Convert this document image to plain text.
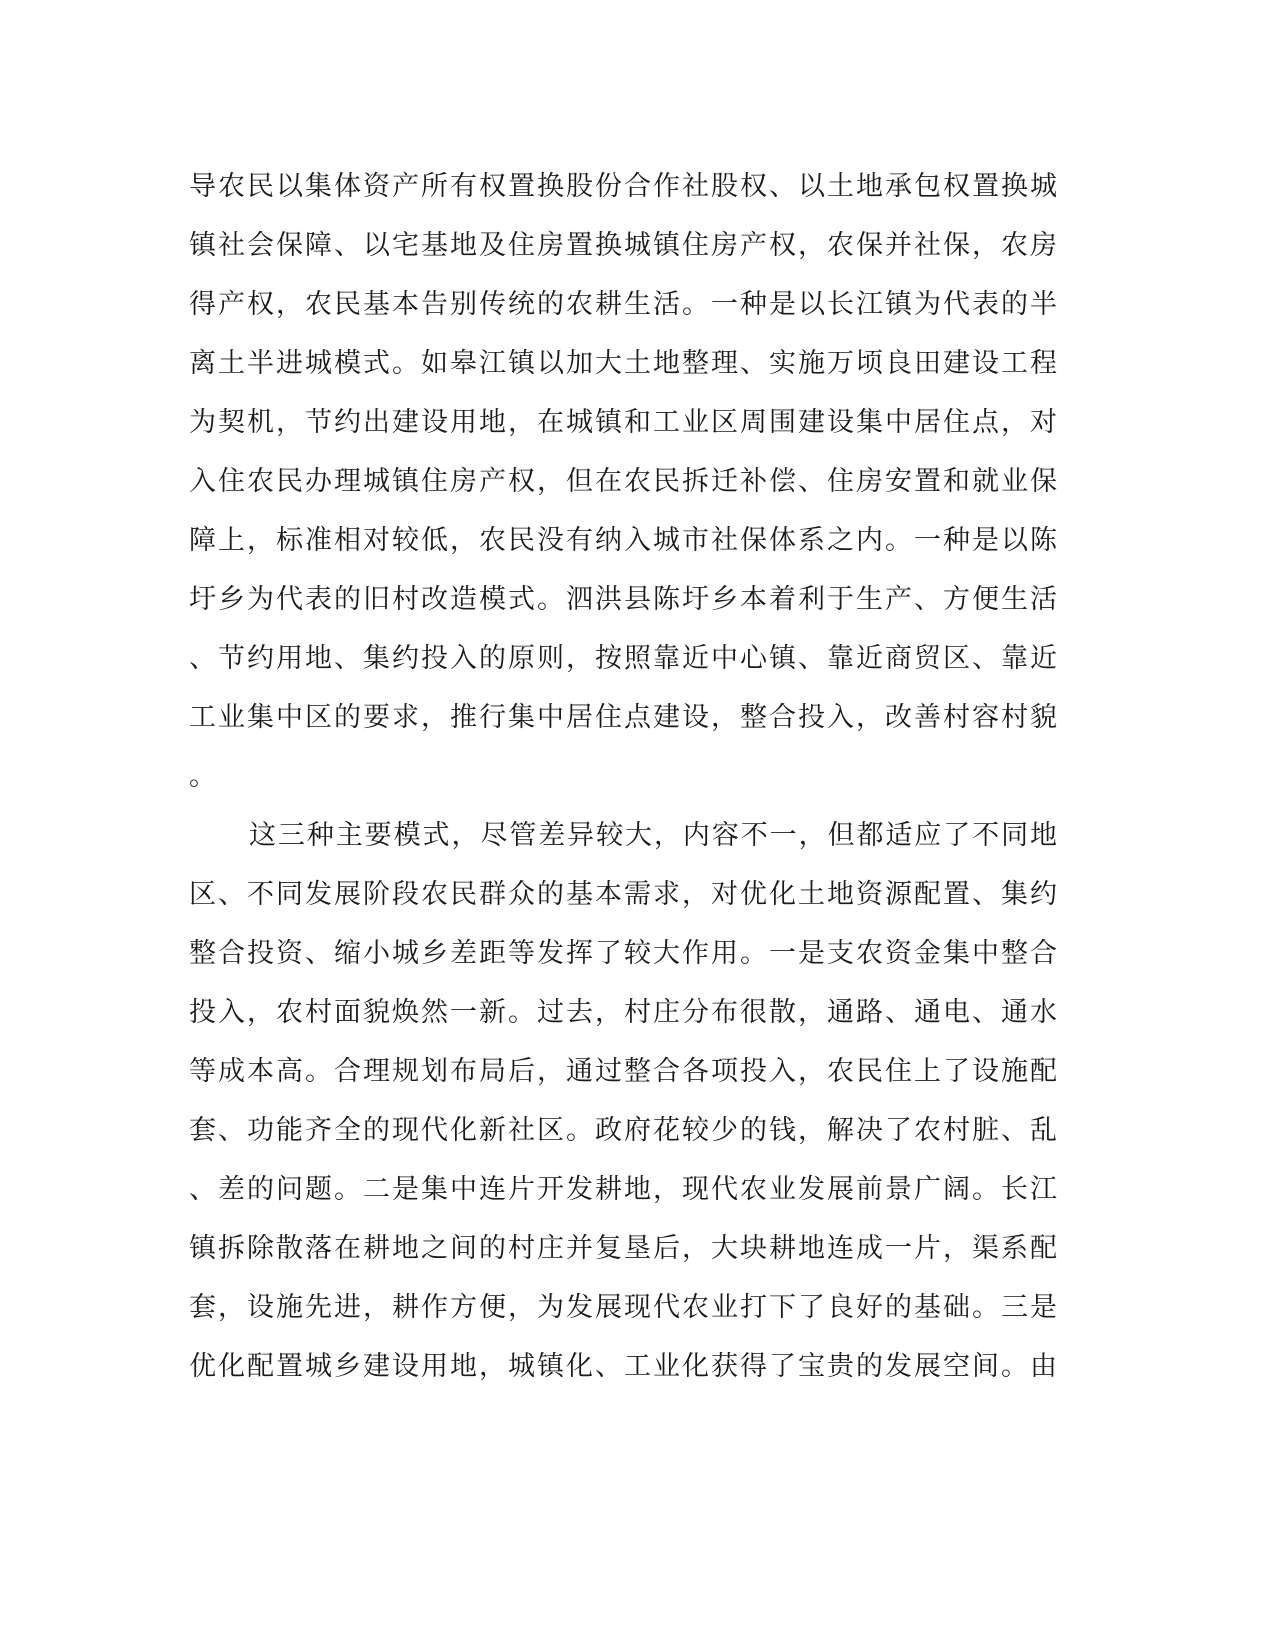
导农民以集体资产所有权置换股份合作社股权、以土地承包权置换城

镇社会保障、以宅基地及住房置换城镇住房产权，农保并社保，农房

得产权，农民基本告别传统的农耕生活。一种是以长江镇为代表的半

离土半进城模式。如皋江镇以加大土地整理、实施万顷良田建设工程

为契机，节约出建设用地，在城镇和工业区周围建设集中居住点，对

入住农民办理城镇住房产权，但在农民拆迁补偿、住房安置和就业保

障上，标准相对较低，农民没有纳入城市社保体系之内。一种是以陈

圩乡为代表的旧村改造模式。泗洪县陈圩乡本着利于生产、方便生活

、节约用地、集约投入的原则，按照靠近中心镇、靠近商贸区、靠近

工业集中区的要求，推行集中居住点建设，整合投入，改善村容村貌

。

这三种主要模式，尽管差异较大，内容不一，但都适应了不同地

区、不同发展阶段农民群众的基本需求，对优化土地资源配置、集约

整合投资、缩小城乡差距等发挥了较大作用。一是支农资金集中整合

投入，农村面貌焕然一新。过去，村庄分布很散，通路、通电、通水

等成本高。合理规划布局后，通过整合各项投入，农民住上了设施配

套、功能齐全的现代化新社区。政府花较少的钱，解决了农村脏、乱

、差的问题。二是集中连片开发耕地，现代农业发展前景广阔。长江

镇拆除散落在耕地之间的村庄并复垦后，大块耕地连成一片，渠系配

套，设施先进，耕作方便，为发展现代农业打下了良好的基础。三是

优化配置城乡建设用地，城镇化、工业化获得了宝贵的发展空间。由
